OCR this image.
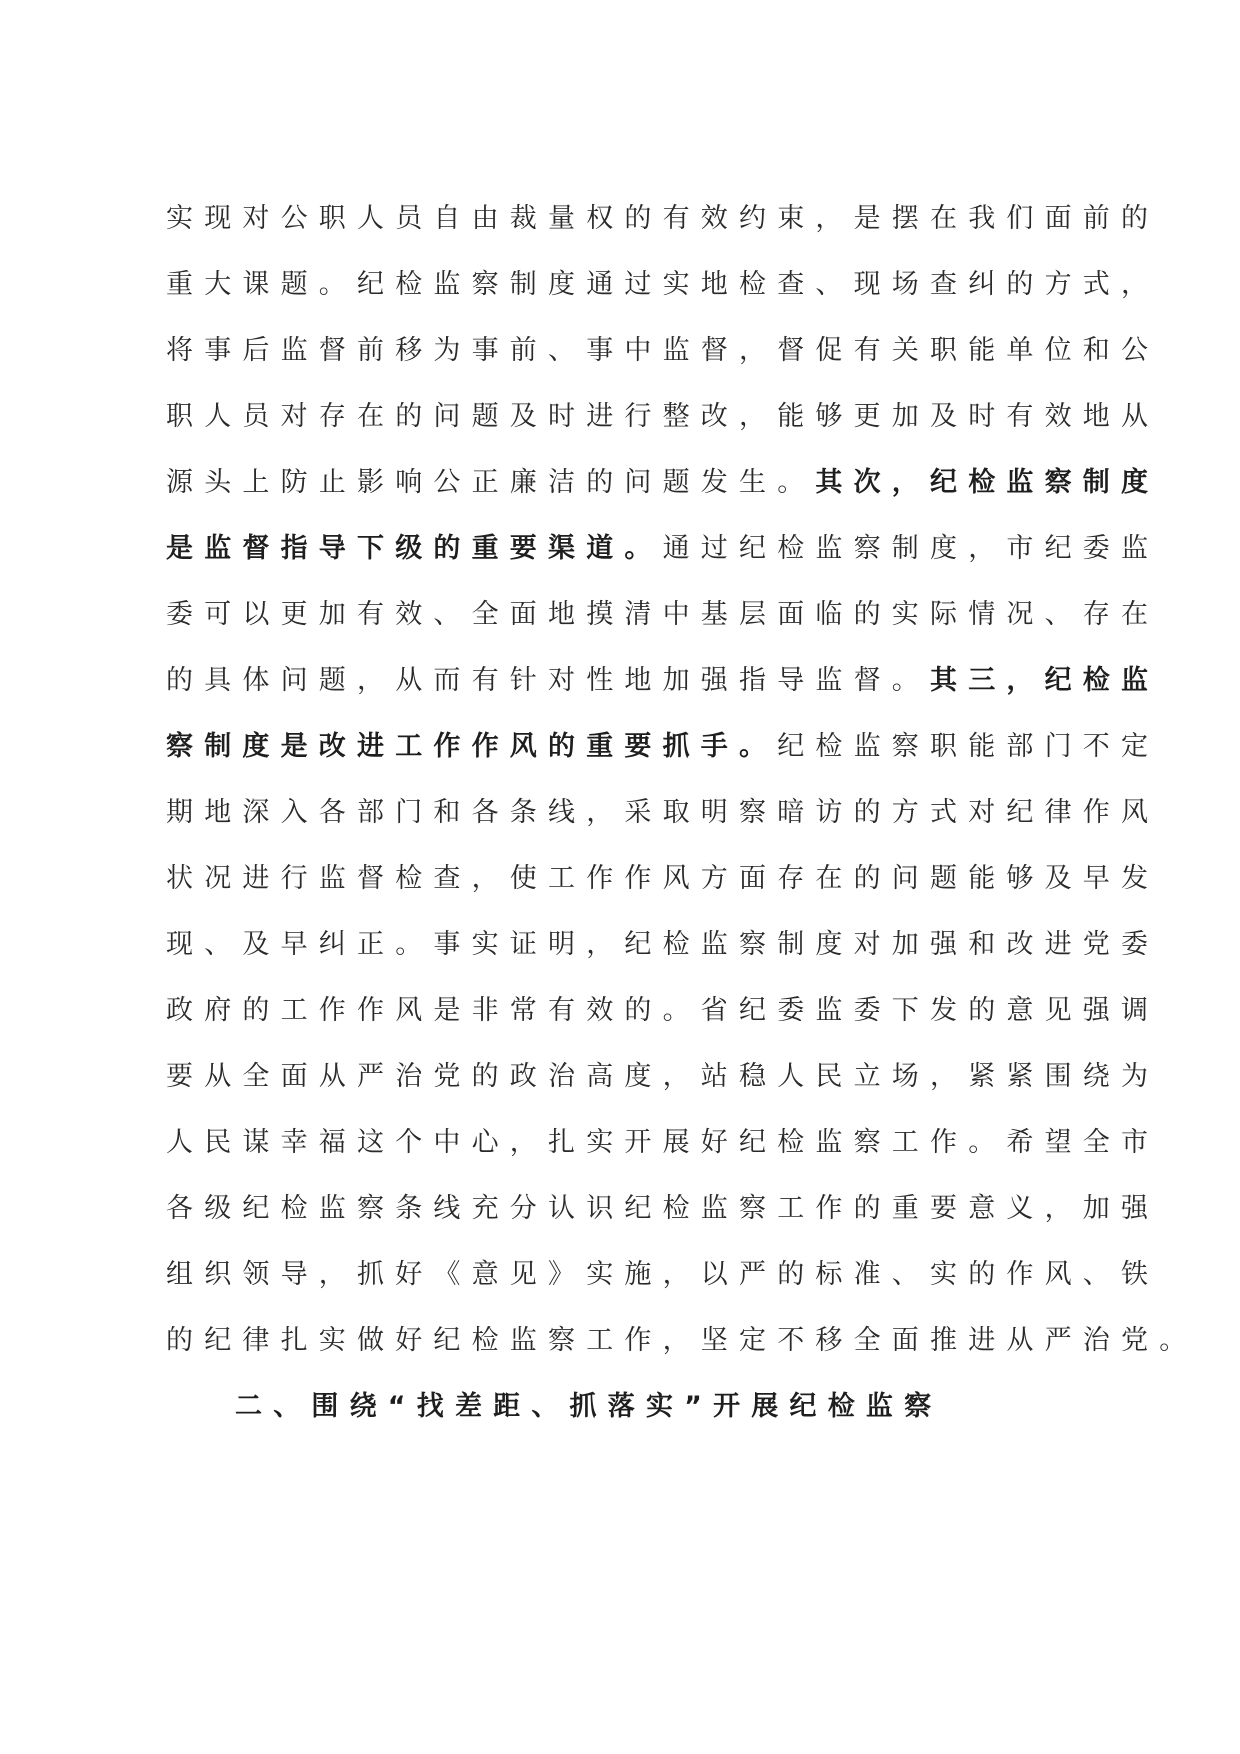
实现对公职人员自由裁量权的有效约束，是摆在我们面前的
重大课题。纪检监察制度通过实地检查、现场查纠的方式，
将事后监督前移为事前、事中监督，督促有关职能单位和公
职人员对存在的问题及时进行整改，能够更加及时有效地从
源头上防止影响公正廉洁的问题发生。其次，纪检监察制度
是监督指导下级的重要渠道。通过纪检监察制度，市纪委监
委可以更加有效、全面地摸清中基层面临的实际情况、存在
的具体问题，从而有针对性地加强指导监督。其三，纪检监
察制度是改进工作作风的重要抓手。纪检监察职能部门不定
期地深入各部门和各条线，采取明察暗访的方式对纪律作风
状况进行监督检查，使工作作风方面存在的问题能够及早发
现、及早纠正。事实证明，纪检监察制度对加强和改进党委
政府的工作作风是非常有效的。省纪委监委下发的意见强调
要从全面从严治党的政治高度，站稳人民立场，紧紧围绕为
人民谋幸福这个中心，扎实开展好纪检监察工作。希望全市
各级纪检监察条线充分认识纪检监察工作的重要意义，加强
组织领导，抓好《意见》实施，以严的标准、实的作风、铁
的纪律扎实做好纪检监察工作，坚定不移全面推进从严治党。
二、围绕“找差距、抓落实”开展纪检监察
